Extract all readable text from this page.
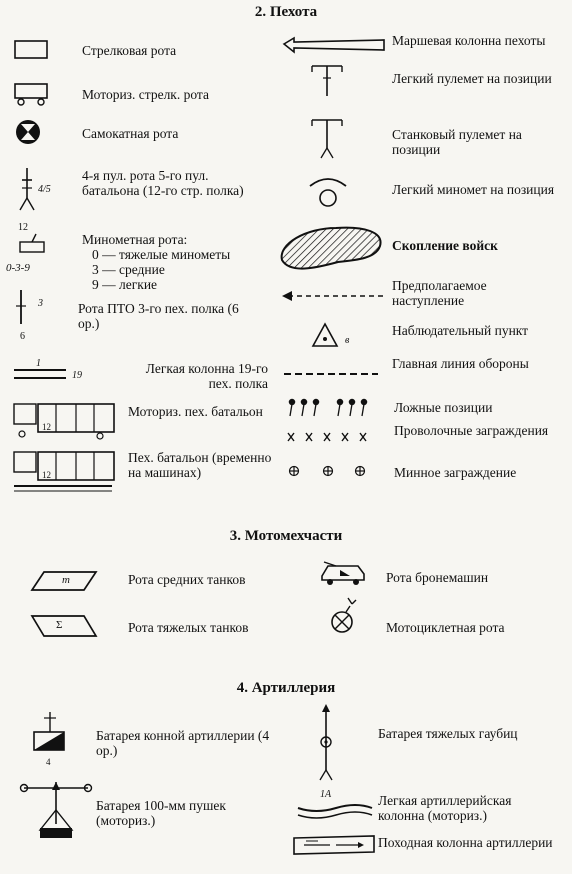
2. Пехота
Стрелковая рота
Моториз. стрелк. рота
Самокатная рота
4/5
12
4-я пул. рота 5-го пул. батальона (12-го стр. полка)
0-3-9
Минометная рота:
0 — тяжелые минометы
3 — средние
9 — легкие
3
6
Рота ПТО 3-го пех. полка (6 ор.)
1
19	Легкая колонна 19-го пех. полка
12
Моториз. пех. батальон
12
Пех. батальон (временно на машинах)
Маршевая колонна пехоты
Легкий пулемет на позиции
Станковый пулемет на позиции
Легкий миномет на позиция
Скопление войск
Предполагаемое наступление
в
Наблюдательный пункт
Главная линия обороны
Ложные позиции
Проволочные заграждения
Минное заграждение
3. Мотомехчасти
т	Рота средних танков
Σ	Рота тяжелых танков
Рота бронемашин
Мотоциклетная рота
4. Артиллерия
4
Батарея конной артиллерии (4 ор.)
Батарея 100-мм пушек (моториз.)
Батарея тяжелых гаубиц
1А	Легкая артиллерийская колонна (моториз.)
Походная колонна артиллерии
